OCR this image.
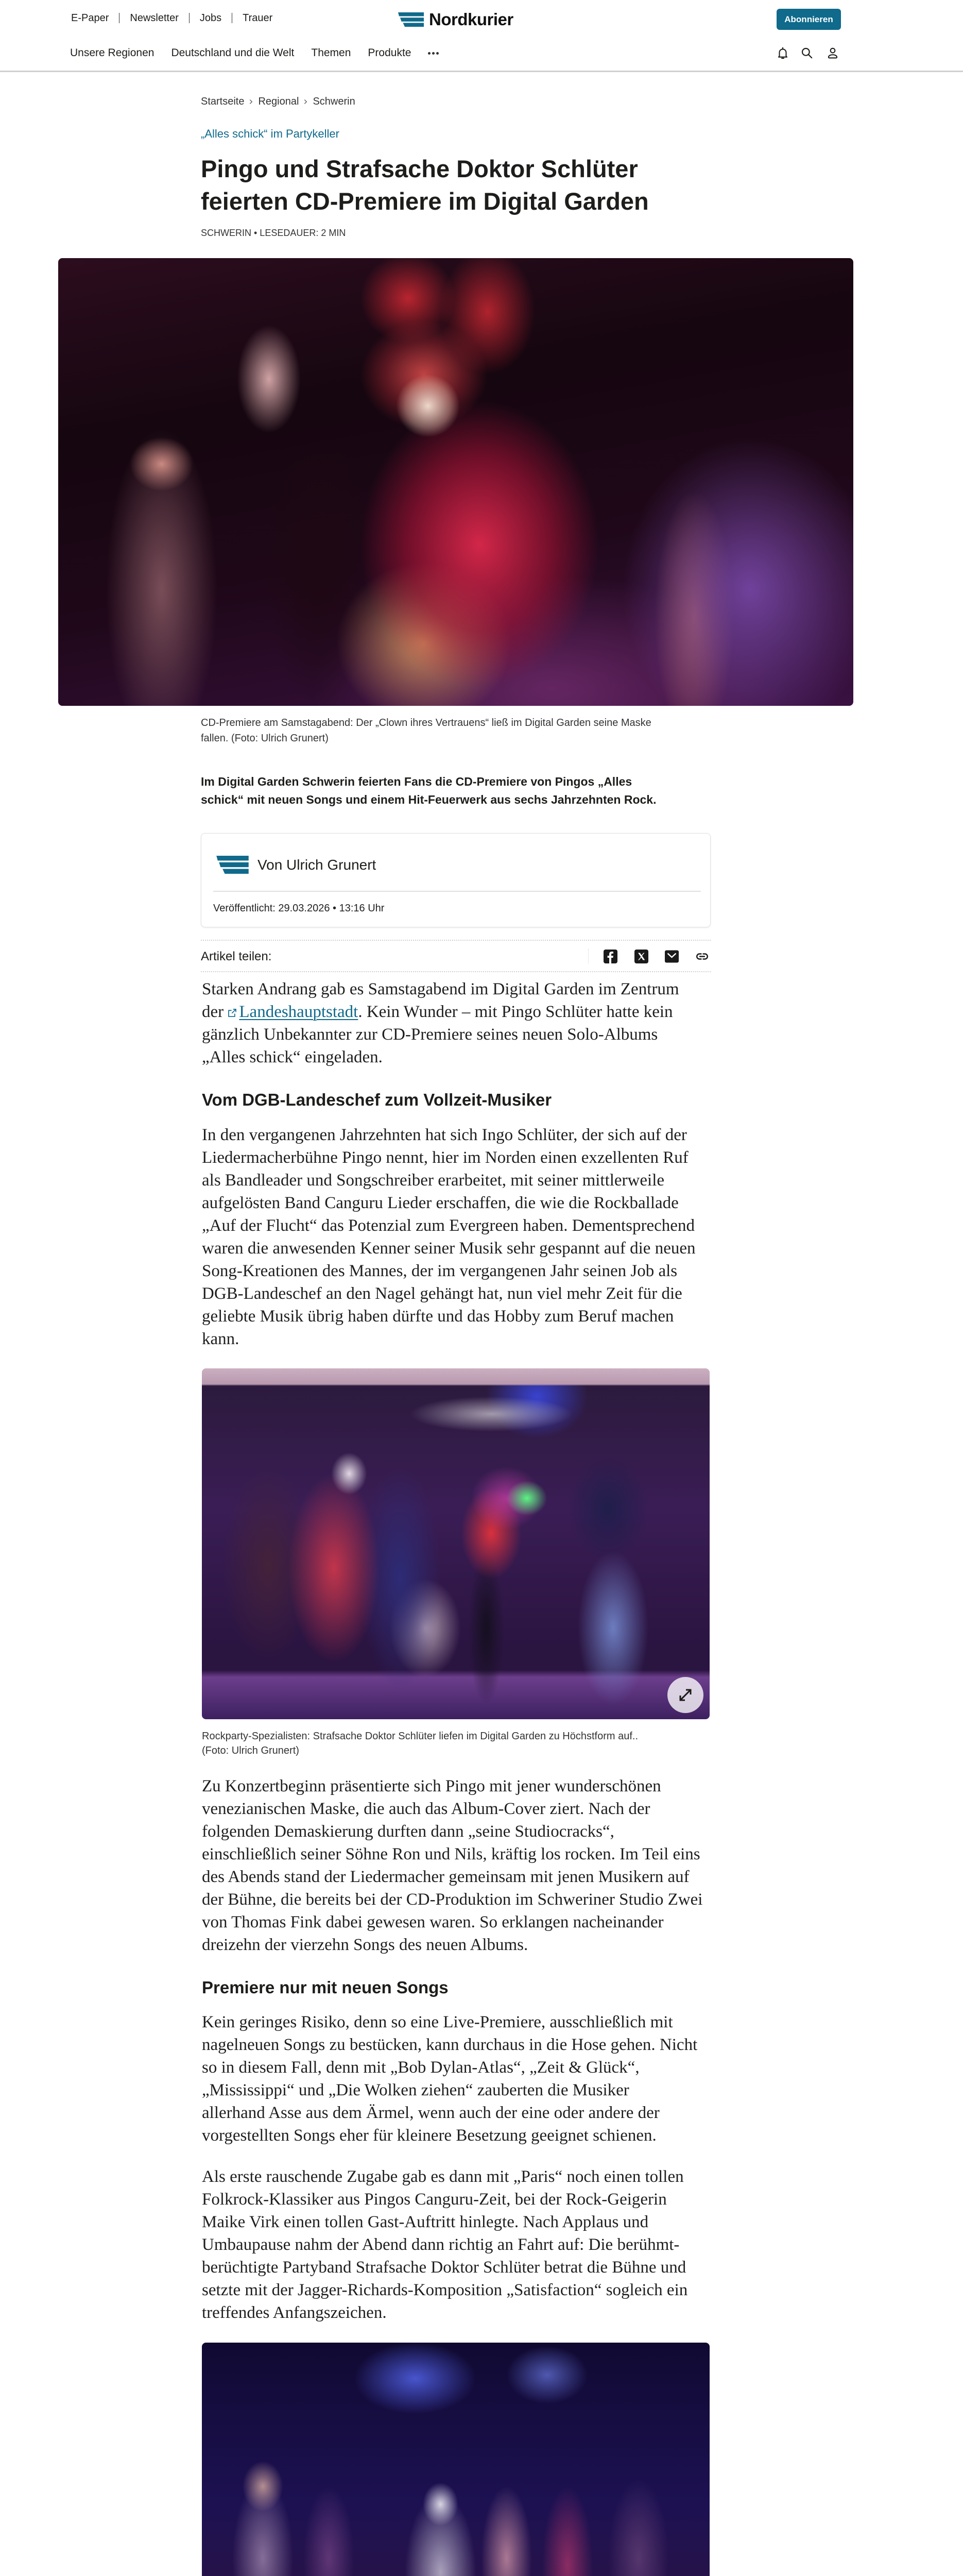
E-Paper Newsletter Jobs Trauer	Nordkurier	Abonnieren
Unsere Regionen Deutschland und die Welt Themen Produkte
Startseite Regional Schwerin
„Alles schick“ im Partykeller
Pingo und Strafsache Doktor Schlüter
feierten CD-Premiere im Digital Garden
SCHWERIN • LESEDAUER: 2 MIN
CD-Premiere am Samstagabend: Der „Clown ihres Vertrauens“ ließ im Digital Garden seine Maske
fallen. (Foto: Ulrich Grunert)
Im Digital Garden Schwerin feierten Fans die CD-Premiere von Pingos „Alles
schick“ mit neuen Songs und einem Hit-Feuerwerk aus sechs Jahrzehnten Rock.
Von Ulrich Grunert
Veröffentlicht: 29.03.2026 • 13:16 Uhr
Artikel teilen:
Starken Andrang gab es Samstagabend im Digital Garden im Zentrum
der Landeshauptstadt. Kein Wunder – mit Pingo Schlüter hatte kein
gänzlich Unbekannter zur CD-Premiere seines neuen Solo-Albums
„Alles schick“ eingeladen.
Vom DGB-Landeschef zum Vollzeit-Musiker
In den vergangenen Jahrzehnten hat sich Ingo Schlüter, der sich auf der
Liedermacherbühne Pingo nennt, hier im Norden einen exzellenten Ruf
als Bandleader und Songschreiber erarbeitet, mit seiner mittlerweile
aufgelösten Band Canguru Lieder erschaffen, die wie die Rockballade
„Auf der Flucht“ das Potenzial zum Evergreen haben. Dementsprechend
waren die anwesenden Kenner seiner Musik sehr gespannt auf die neuen
Song-Kreationen des Mannes, der im vergangenen Jahr seinen Job als
DGB-Landeschef an den Nagel gehängt hat, nun viel mehr Zeit für die
geliebte Musik übrig haben dürfte und das Hobby zum Beruf machen
kann.
Rockparty-Spezialisten: Strafsache Doktor Schlüter liefen im Digital Garden zu Höchstform auf..
(Foto: Ulrich Grunert)
Zu Konzertbeginn präsentierte sich Pingo mit jener wunderschönen
venezianischen Maske, die auch das Album-Cover ziert. Nach der
folgenden Demaskierung durften dann „seine Studiocracks“,
einschließlich seiner Söhne Ron und Nils, kräftig los rocken. Im Teil eins
des Abends stand der Liedermacher gemeinsam mit jenen Musikern auf
der Bühne, die bereits bei der CD-Produktion im Schweriner Studio Zwei
von Thomas Fink dabei gewesen waren. So erklangen nacheinander
dreizehn der vierzehn Songs des neuen Albums.
Premiere nur mit neuen Songs
Kein geringes Risiko, denn so eine Live-Premiere, ausschließlich mit
nagelneuen Songs zu bestücken, kann durchaus in die Hose gehen. Nicht
so in diesem Fall, denn mit „Bob Dylan-Atlas“, „Zeit & Glück“,
„Mississippi“ und „Die Wolken ziehen“ zauberten die Musiker
allerhand Asse aus dem Ärmel, wenn auch der eine oder andere der
vorgestellten Songs eher für kleinere Besetzung geeignet schienen.
Als erste rauschende Zugabe gab es dann mit „Paris“ noch einen tollen
Folkrock-Klassiker aus Pingos Canguru-Zeit, bei der Rock-Geigerin
Maike Virk einen tollen Gast-Auftritt hinlegte. Nach Applaus und
Umbaupause nahm der Abend dann richtig an Fahrt auf: Die berühmt-
berüchtigte Partyband Strafsache Doktor Schlüter betrat die Bühne und
setzte mit der Jagger-Richards-Komposition „Satisfaction“ sogleich ein
treffendes Anfangszeichen.
